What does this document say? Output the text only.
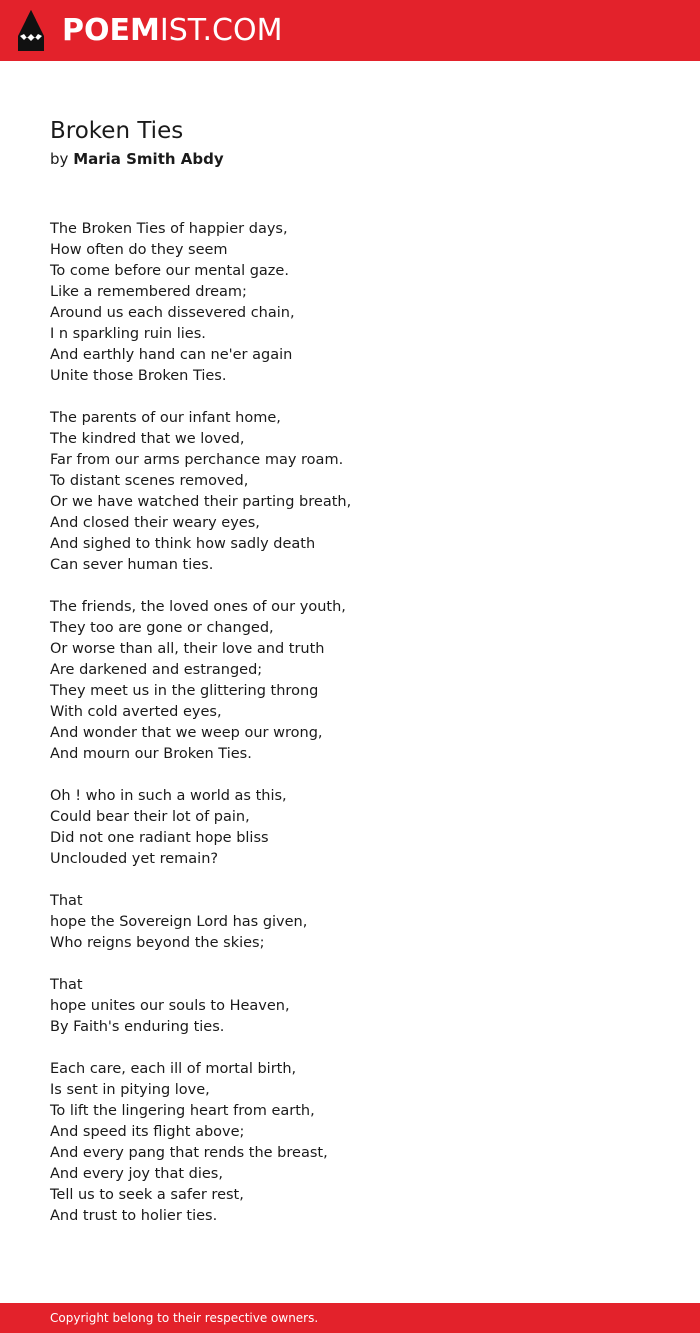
POEMIST.COM
Broken Ties
by Maria Smith Abdy
The Broken Ties of happier days,
How often do they seem
To come before our mental gaze.
Like a remembered dream;
Around us each dissevered chain,
I n sparkling ruin lies.
And earthly hand can ne'er again
Unite those Broken Ties.
The parents of our infant home,
The kindred that we loved,
Far from our arms perchance may roam.
To distant scenes removed,
Or we have watched their parting breath,
And closed their weary eyes,
And sighed to think how sadly death
Can sever human ties.
The friends, the loved ones of our youth,
They too are gone or changed,
Or worse than all, their love and truth
Are darkened and estranged;
They meet us in the glittering throng
With cold averted eyes,
And wonder that we weep our wrong,
And mourn our Broken Ties.
Oh ! who in such a world as this,
Could bear their lot of pain,
Did not one radiant hope bliss
Unclouded yet remain?
That
hope the Sovereign Lord has given,
Who reigns beyond the skies;
That
hope unites our souls to Heaven,
By Faith's enduring ties.
Each care, each ill of mortal birth,
Is sent in pitying love,
To lift the lingering heart from earth,
And speed its flight above;
And every pang that rends the breast,
And every joy that dies,
Tell us to seek a safer rest,
And trust to holier ties.
Copyright belong to their respective owners.
